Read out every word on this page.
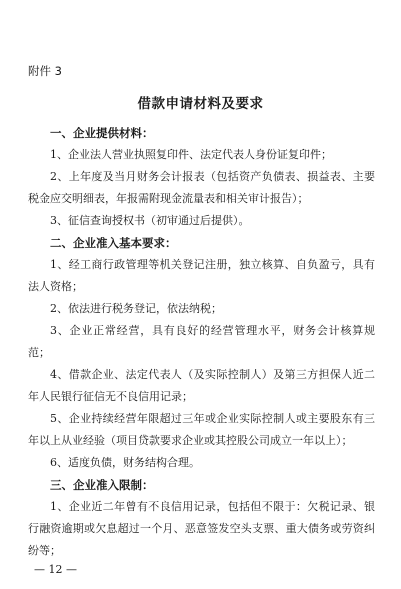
附件 3
借款申请材料及要求
一、企业提供材料：

1、企业法人营业执照复印件、法定代表人身份证复印件；

2、上年度及当月财务会计报表（包括资产负债表、损益表、主要税金应交明细表，年报需附现金流量表和相关审计报告）；

3、征信查询授权书（初审通过后提供）。

二、企业准入基本要求：

1、经工商行政管理等机关登记注册，独立核算、自负盈亏，具有法人资格；

2、依法进行税务登记，依法纳税；

3、企业正常经营，具有良好的经营管理水平，财务会计核算规范；

4、借款企业、法定代表人（及实际控制人）及第三方担保人近二年人民银行征信无不良信用记录；

5、企业持续经营年限超过三年或企业实际控制人或主要股东有三年以上从业经验（项目贷款要求企业或其控股公司成立一年以上）；

6、适度负债，财务结构合理。

三、企业准入限制：

1、企业近二年曾有不良信用记录，包括但不限于：欠税记录、银行融资逾期或欠息超过一个月、恶意签发空头支票、重大债务或劳资纠纷等；

— 12 —
